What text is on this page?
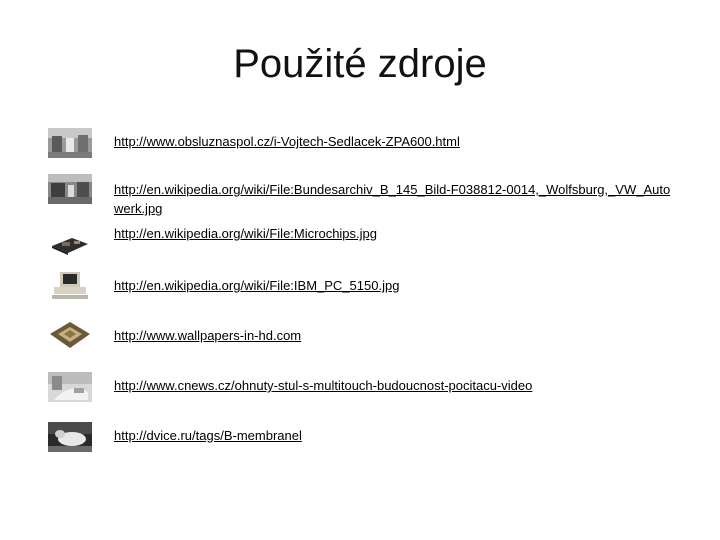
Použité zdroje
http://www.obsluznaspol.cz/i-Vojtech-Sedlacek-ZPA600.html
http://en.wikipedia.org/wiki/File:Bundesarchiv_B_145_Bild-F038812-0014,_Wolfsburg,_VW_Autowerk.jpg
http://en.wikipedia.org/wiki/File:Microchips.jpg
http://en.wikipedia.org/wiki/File:IBM_PC_5150.jpg
http://www.wallpapers-in-hd.com
http://www.cnews.cz/ohnuty-stul-s-multitouch-budoucnost-pocitacu-video
http://dvice.ru/tags/B-membranel
